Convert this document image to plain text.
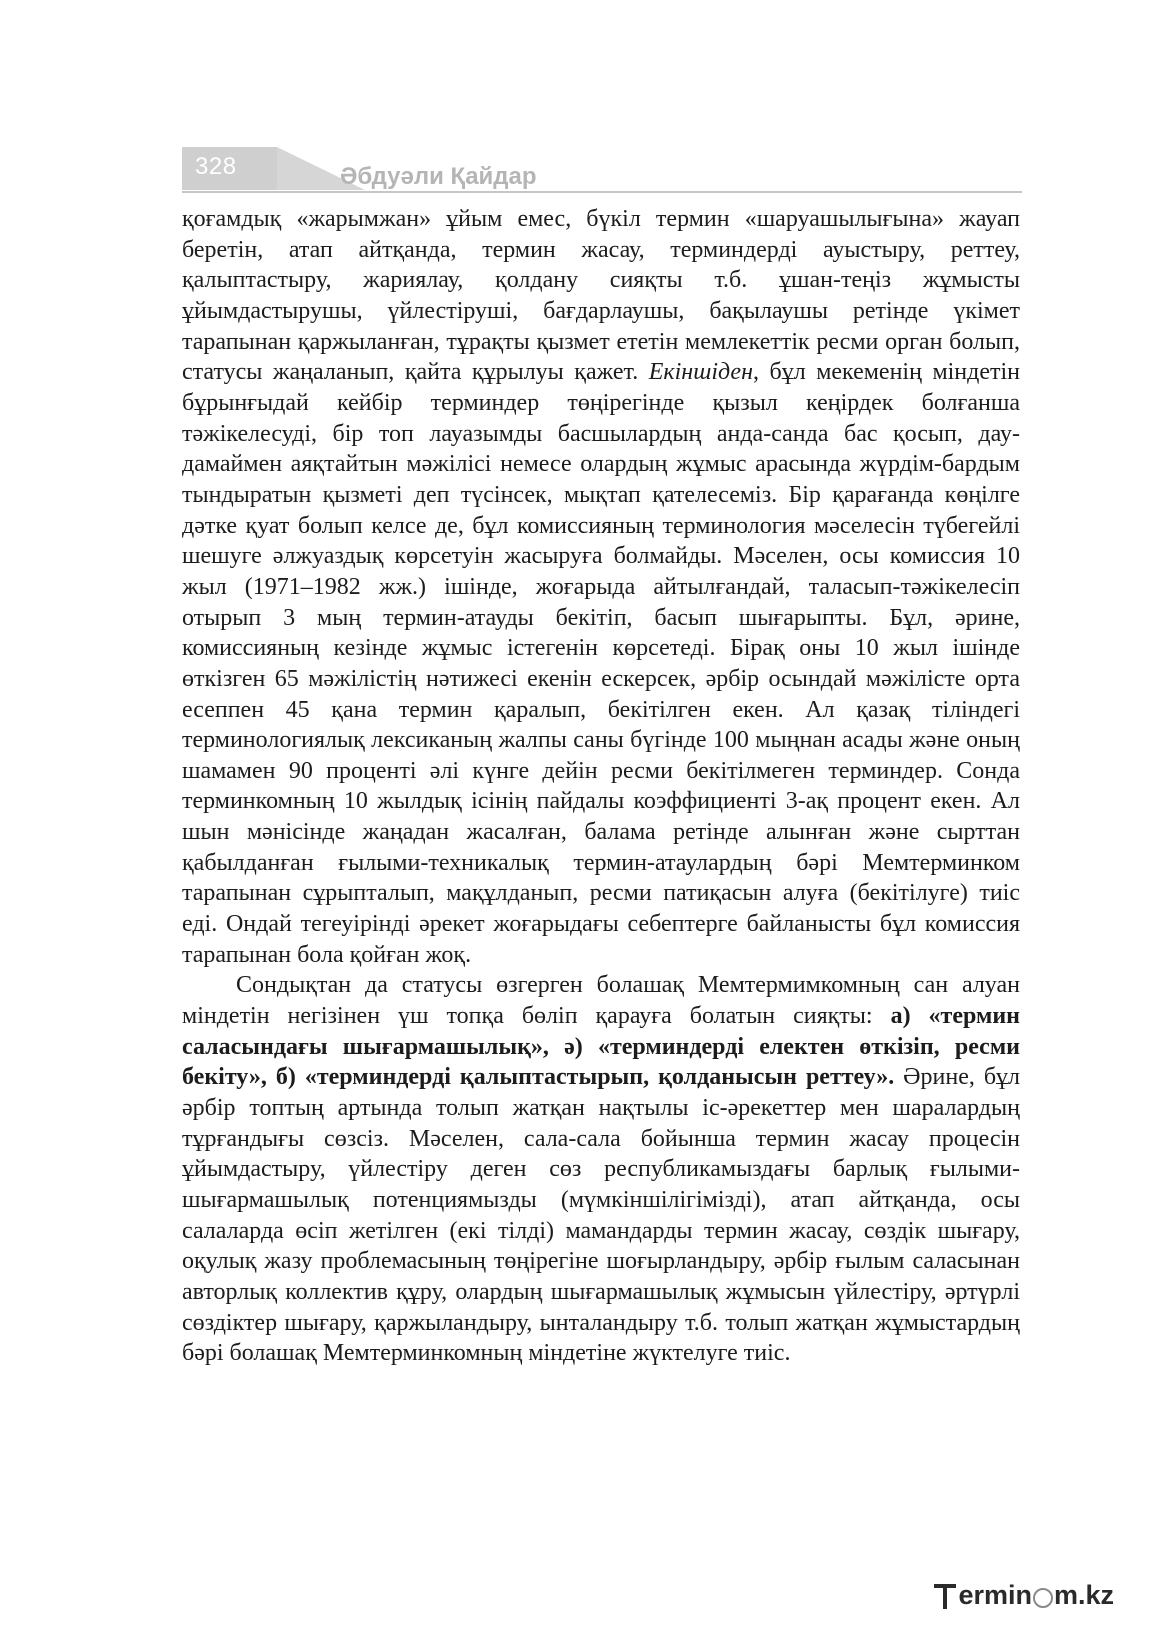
328	Әбдуәли Қайдар

қоғамдық «жарымжан» ұйым емес, бүкіл термин «шаруашылығына» жауап беретін, атап айтқанда, термин жасау, терминдерді ауыстыру, реттеу, қалыптастыру, жариялау, қолдану сияқты т.б. ұшан-теңіз жұмысты ұйымдастырушы, үйлестіруші, бағдарлаушы, бақылаушы ретінде үкімет тарапынан қаржыланған, тұрақты қызмет ететін мемлекеттік ресми орган болып, статусы жаңаланып, қайта құрылуы қажет. Екіншіден, бұл мекеменің міндетін бұрынғыдай кейбір терминдер төңірегінде қызыл кеңірдек болғанша тәжікелесуді, бір топ лауазымды басшылардың анда-санда бас қосып, дау-дамаймен аяқтайтын мәжілісі немесе олардың жұмыс арасында жүрдім-бардым тындыратын қызметі деп түсінсек, мықтап қателесеміз. Бір қарағанда көңілге дәтке қуат болып келсе де, бұл комиссияның терминология мәселесін түбегейлі шешуге әлжуаздық көрсетуін жасыруға болмайды. Мәселен, осы комиссия 10 жыл (1971–1982 жж.) ішінде, жоғарыда айтылғандай, таласып-тәжікелесіп отырып 3 мың термин-атауды бекітіп, басып шығарыпты. Бұл, әрине, комиссияның кезінде жұмыс істегенін көрсетеді. Бірақ оны 10 жыл ішінде өткізген 65 мәжілістің нәтижесі екенін ескерсек, әрбір осындай мәжілісте орта есеппен 45 қана термин қаралып, бекітілген екен. Ал қазақ тіліндегі терминологиялық лексиканың жалпы саны бүгінде 100 мыңнан асады және оның шамамен 90 проценті әлі күнге дейін ресми бекітілмеген терминдер. Сонда терминкомның 10 жылдық ісінің пайдалы коэффициенті 3-ақ процент екен. Ал шын мәнісінде жаңадан жасалған, балама ретінде алынған және сырттан қабылданған ғылыми-техникалық термин-атаулардың бәрі Мемтерминком тарапынан сұрыпталып, мақұлданып, ресми патиқасын алуға (бекітілуге) тиіс еді. Ондай тегеуірінді әрекет жоғарыдағы себептерге байланысты бұл комиссия тарапынан бола қойған жоқ.

Сондықтан да статусы өзгерген болашақ Мемтермимкомның сан алуан міндетін негізінен үш топқа бөліп қарауға болатын сияқты: а) «термин саласындағы шығармашылық», ә) «терминдерді електен өткізіп, ресми бекіту», б) «терминдерді қалыптастырып, қолданысын реттеу». Әрине, бұл әрбір топтың артында толып жатқан нақтылы іс-әрекеттер мен шаралардың тұрғандығы сөзсіз. Мәселен, сала-сала бойынша термин жасау процесін ұйымдастыру, үйлестіру деген сөз республикамыздағы барлық ғылыми-шығармашылық потенциямызды (мүмкіншілігімізді), атап айтқанда, осы салаларда өсіп жетілген (екі тілді) мамандарды термин жасау, сөздік шығару, оқулық жазу проблемасының төңірегіне шоғырландыру, әрбір ғылым саласынан авторлық коллектив құру, олардың шығармашылық жұмысын үйлестіру, әртүрлі сөздіктер шығару, қаржыландыру, ынталандыру т.б. толып жатқан жұмыстардың бәрі болашақ Мемтерминкомның міндетіне жүктелуге тиіс.

ermin m.kz
